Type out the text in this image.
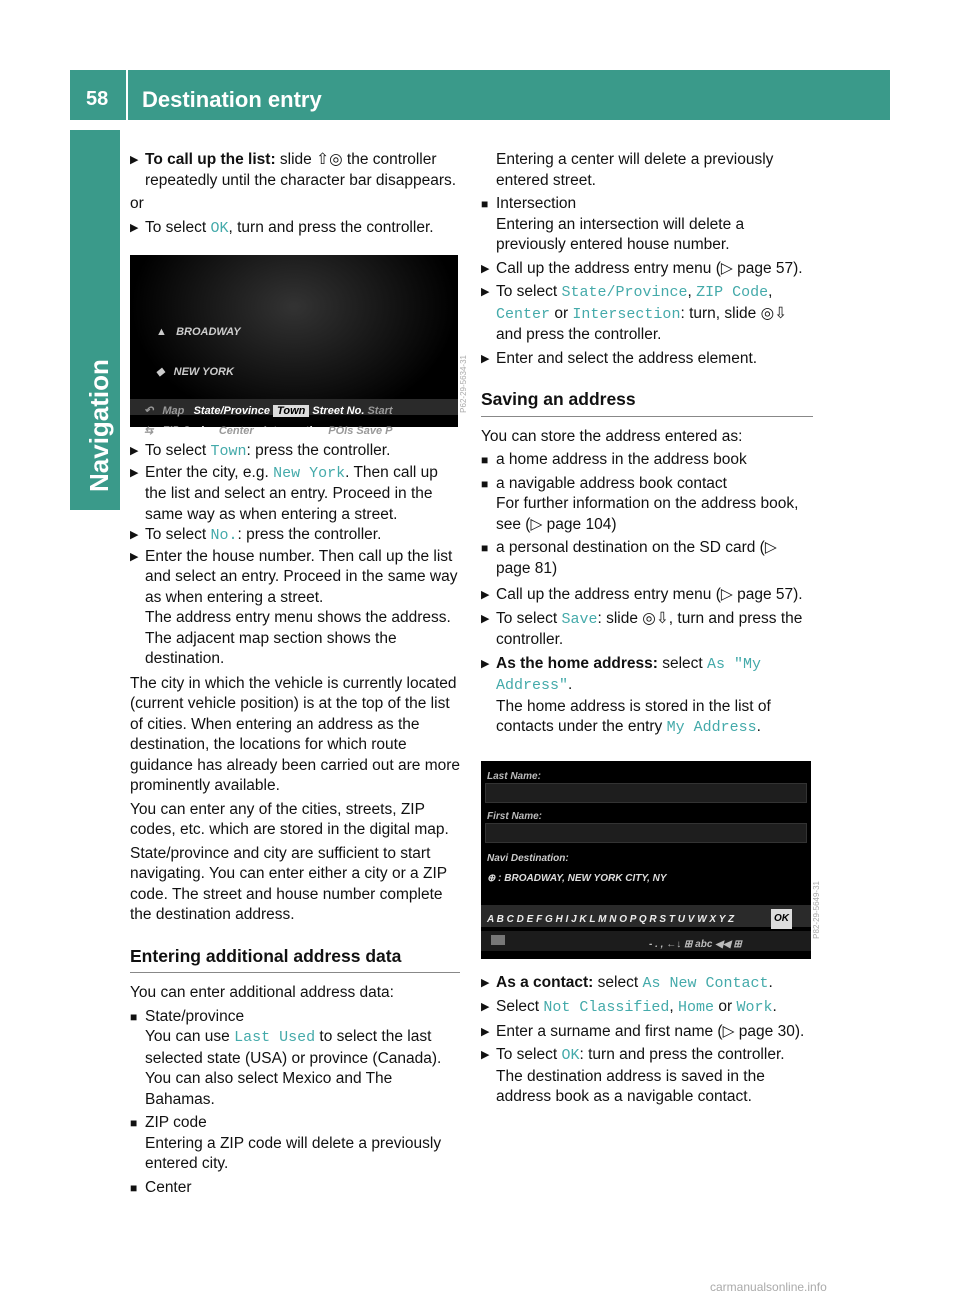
58 Destination entry
Navigation
▶ To call up the list: slide ⇧◎ the controller repeatedly until the character bar disappears.
or
▶ To select OK, turn and press the controller.
▲   BROADWAY
◆   NEW YORK
↶   Map State/Province Town Street No. Start
⇆   ZIP Code Center Intersection POIs Save P
P62-29-5634-31
▶ To select Town: press the controller.
▶ Enter the city, e.g. New York. Then call up the list and select an entry. Proceed in the same way as when entering a street.
▶ To select No.: press the controller.
▶ Enter the house number. Then call up the list and select an entry. Proceed in the same way as when entering a street.
The address entry menu shows the address.
The adjacent map section shows the destination.
The city in which the vehicle is currently located (current vehicle position) is at the top of the list of cities. When entering an address as the destination, the locations for which route guidance has already been carried out are more prominently available.
You can enter any of the cities, streets, ZIP codes, etc. which are stored in the digital map.
State/province and city are sufficient to start navigating. You can enter either a city or a ZIP code. The street and house number complete the destination address.
Entering additional address data
You can enter additional address data:
■ State/province
You can use Last Used to select the last selected state (USA) or province (Canada).
You can also select Mexico and The Bahamas.
■ ZIP code
Entering a ZIP code will delete a previously entered city.
■ Center
Entering a center will delete a previously entered street.
■ Intersection
Entering an intersection will delete a previously entered house number.
▶ Call up the address entry menu (▷ page 57).
▶ To select State/Province, ZIP Code, Center or Intersection: turn, slide ◎⇩ and press the controller.
▶ Enter and select the address element.
Saving an address
You can store the address entered as:
■ a home address in the address book
■ a navigable address book contact
For further information on the address book, see (▷ page 104)
■ a personal destination on the SD card (▷ page 81)
▶ Call up the address entry menu (▷ page 57).
▶ To select Save: slide ◎⇩, turn and press the controller.
▶ As the home address: select As "My Address".
The home address is stored in the list of contacts under the entry My Address.
Last Name:
First Name:
Navi Destination:
⊕ : BROADWAY, NEW YORK CITY, NY
A B C D E F G H I J K L M N O P Q R S T U V W X Y Z	OK
- . , ←↓ ⊞ abc ◀◀ ⊞
P82-29-5649-31
▶ As a contact: select As New Contact.
▶ Select Not Classified, Home or Work.
▶ Enter a surname and first name (▷ page 30).
▶ To select OK: turn and press the controller.
The destination address is saved in the address book as a navigable contact.
carmanualsonline.info
